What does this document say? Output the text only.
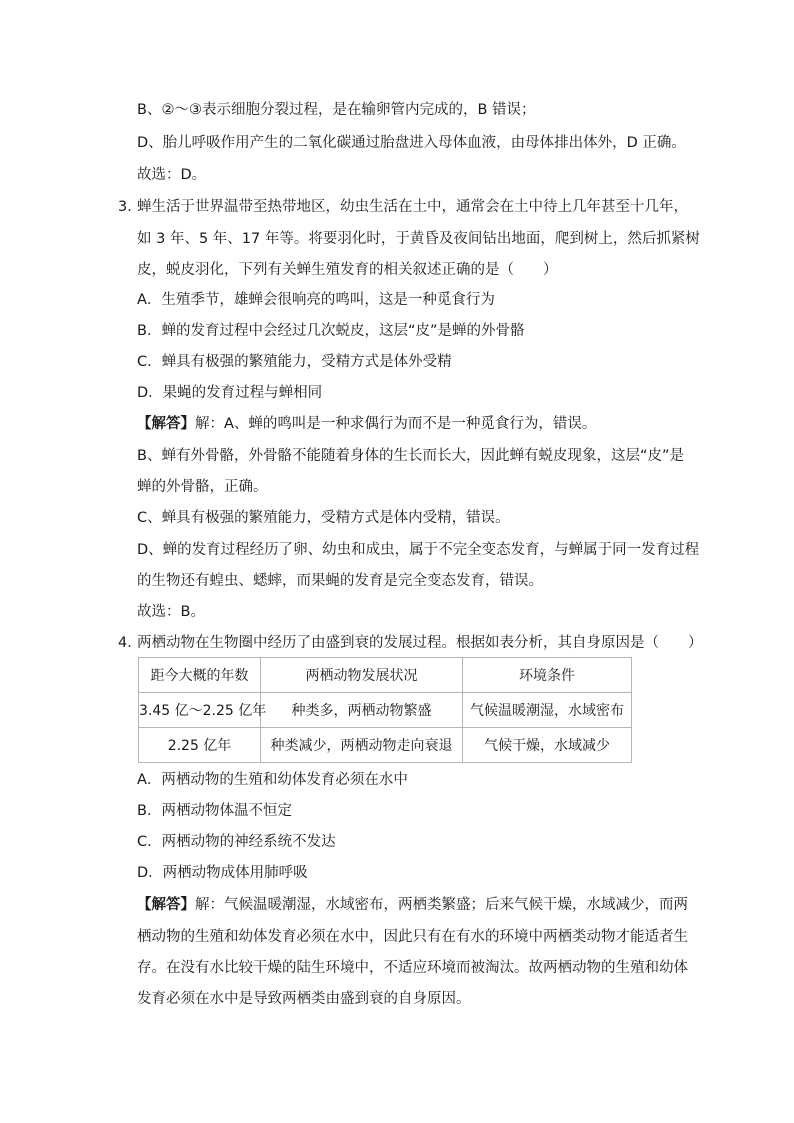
B、②～③表示细胞分裂过程，是在输卵管内完成的，B 错误；
D、胎儿呼吸作用产生的二氧化碳通过胎盘进入母体血液，由母体排出体外，D 正确。
故选：D。
3．
蝉生活于世界温带至热带地区，幼虫生活在土中，通常会在土中待上几年甚至十几年，
如 3 年、5 年、17 年等。将要羽化时，于黄昏及夜间钻出地面，爬到树上，然后抓紧树
皮，蜕皮羽化，下列有关蝉生殖发育的相关叙述正确的是（　　）
A．生殖季节，雄蝉会很响亮的鸣叫，这是一种觅食行为
B．蝉的发育过程中会经过几次蜕皮，这层“皮”是蝉的外骨骼
C．蝉具有极强的繁殖能力，受精方式是体外受精
D．果蝇的发育过程与蝉相同
【解答】解：A、蝉的鸣叫是一种求偶行为而不是一种觅食行为，错误。
B、蝉有外骨骼，外骨骼不能随着身体的生长而长大，因此蝉有蜕皮现象，这层“皮”是
蝉的外骨骼，正确。
C、蝉具有极强的繁殖能力，受精方式是体内受精，错误。
D、蝉的发育过程经历了卵、幼虫和成虫，属于不完全变态发育，与蝉属于同一发育过程
的生物还有蝗虫、蟋蟀，而果蝇的发育是完全变态发育，错误。
故选：B。
4．
两栖动物在生物圈中经历了由盛到衰的发展过程。根据如表分析，其自身原因是（　　）
距今大概的年数	两栖动物发展状况	环境条件
3.45 亿～2.25 亿年	种类多，两栖动物繁盛	气候温暖潮湿，水域密布
2.25 亿年	种类减少，两栖动物走向衰退	气候干燥，水域减少
A．两栖动物的生殖和幼体发育必须在水中
B．两栖动物体温不恒定
C．两栖动物的神经系统不发达
D．两栖动物成体用肺呼吸
【解答】解：气候温暖潮湿，水域密布，两栖类繁盛；后来气候干燥，水域减少，而两
栖动物的生殖和幼体发育必须在水中，因此只有在有水的环境中两栖类动物才能适者生
存。在没有水比较干燥的陆生环境中，不适应环境而被淘汰。故两栖动物的生殖和幼体
发育必须在水中是导致两栖类由盛到衰的自身原因。
